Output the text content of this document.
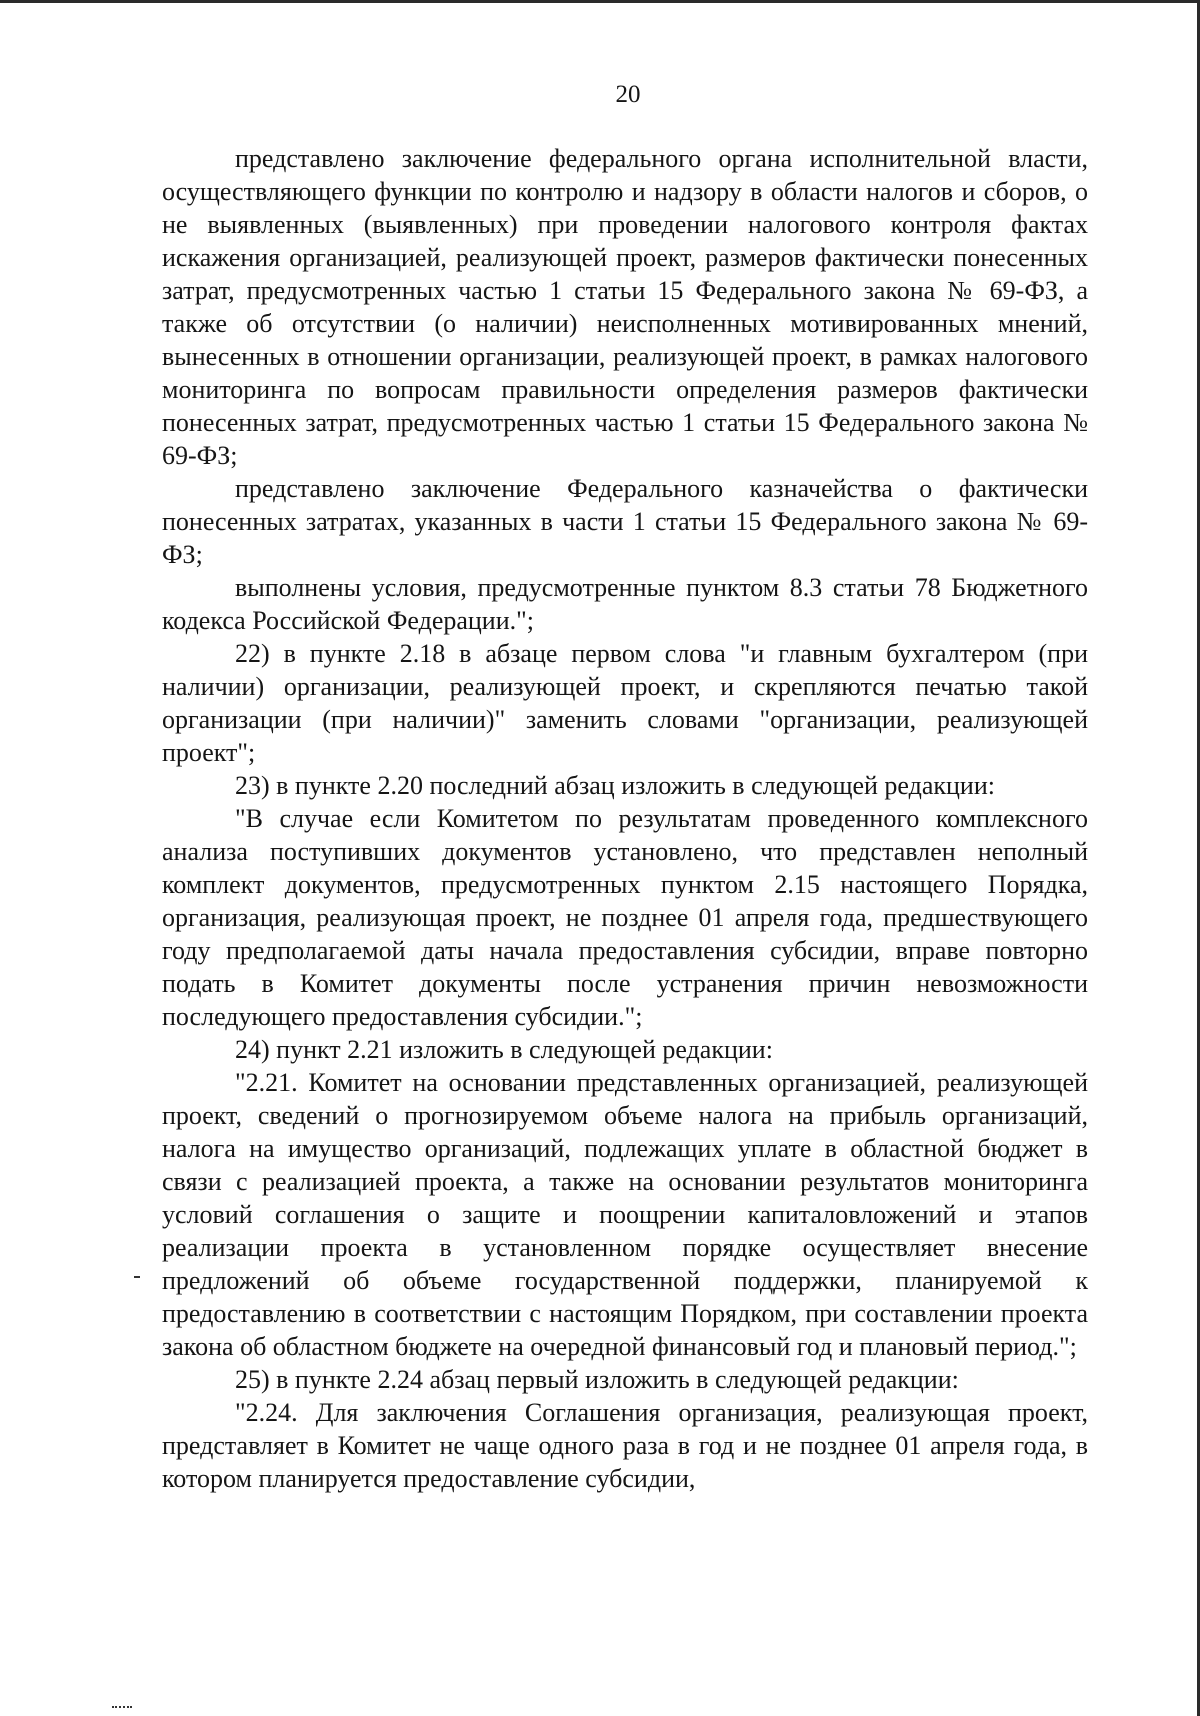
20

представлено заключение федерального органа исполнительной власти, осуществляющего функции по контролю и надзору в области налогов и сборов, о не выявленных (выявленных) при проведении налогового контроля фактах искажения организацией, реализующей проект, размеров фактически понесенных затрат, предусмотренных частью 1 статьи 15 Федерального закона № 69-ФЗ, а также об отсутствии (о наличии) неисполненных мотивированных мнений, вынесенных в отношении организации, реализующей проект, в рамках налогового мониторинга по вопросам правильности определения размеров фактически понесенных затрат, предусмотренных частью 1 статьи 15 Федерального закона № 69-ФЗ;

представлено заключение Федерального казначейства о фактически понесенных затратах, указанных в части 1 статьи 15 Федерального закона № 69-ФЗ;

выполнены условия, предусмотренные пунктом 8.3 статьи 78 Бюджетного кодекса Российской Федерации.";

22) в пункте 2.18 в абзаце первом слова "и главным бухгалтером (при наличии) организации, реализующей проект, и скрепляются печатью такой организации (при наличии)" заменить словами "организации, реализующей проект";

23) в пункте 2.20 последний абзац изложить в следующей редакции:

"В случае если Комитетом по результатам проведенного комплексного анализа поступивших документов установлено, что представлен неполный комплект документов, предусмотренных пунктом 2.15 настоящего Порядка, организация, реализующая проект, не позднее 01 апреля года, предшествующего году предполагаемой даты начала предоставления субсидии, вправе повторно подать в Комитет документы после устранения причин невозможности последующего предоставления субсидии.";

24) пункт 2.21 изложить в следующей редакции:

"2.21. Комитет на основании представленных организацией, реализующей проект, сведений о прогнозируемом объеме налога на прибыль организаций, налога на имущество организаций, подлежащих уплате в областной бюджет в связи с реализацией проекта, а также на основании результатов мониторинга условий соглашения о защите и поощрении капиталовложений и этапов реализации проекта в установленном порядке осуществляет внесение предложений об объеме государственной поддержки, планируемой к предоставлению в соответствии с настоящим Порядком, при составлении проекта закона об областном бюджете на очередной финансовый год и плановый период.";

25) в пункте 2.24 абзац первый изложить в следующей редакции:

"2.24. Для заключения Соглашения организация, реализующая проект, представляет в Комитет не чаще одного раза в год и не позднее 01 апреля года, в котором планируется предоставление субсидии,
